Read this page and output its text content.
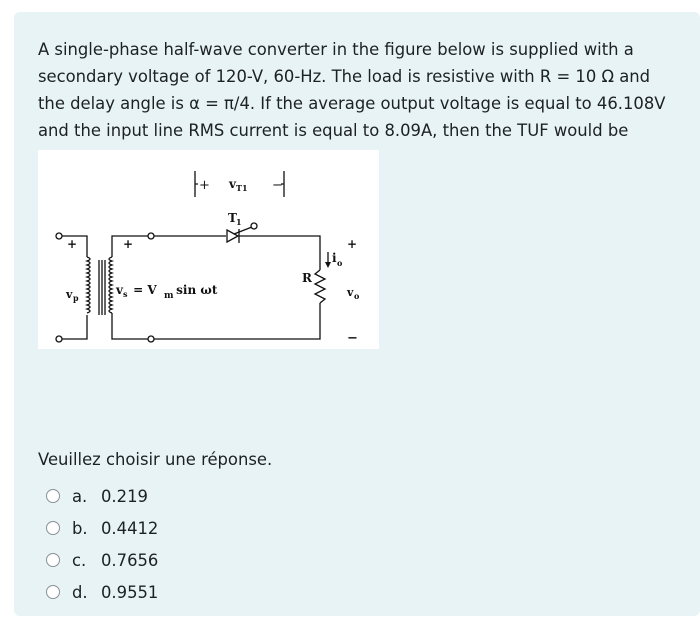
A single-phase half-wave converter in the figure below is supplied with a secondary voltage of 120-V, 60-Hz. The load is resistive with R = 10 Ω and the delay angle is α = π/4. If the average output voltage is equal to 46.108V and the input line RMS current is equal to 8.09A, then the TUF would be

+ v T1 −
T 1
+	+
v p
v s = V m
sin ωt
R
i o
+
v o
−

Veuillez choisir une réponse.

a. 0.219
b. 0.4412
c. 0.7656
d. 0.9551
